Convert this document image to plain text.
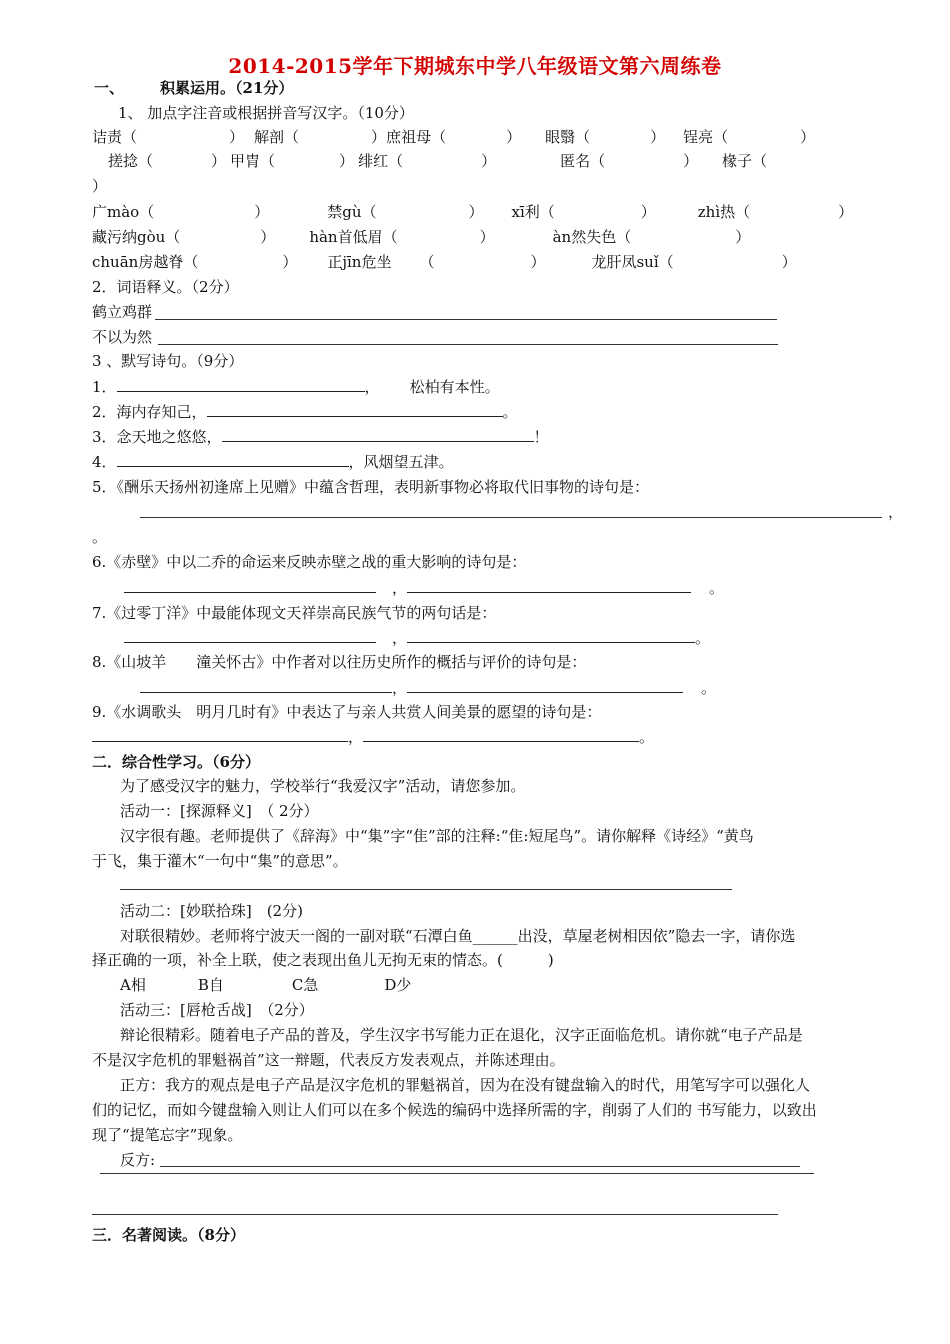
2014-2015学年下期城东中学八年级语文第六周练卷
一、 积累运用。（21分）
1、 加点字注音或根据拼音写汉字。（10分）
诘责（	） 解剖（	）庶祖母（	） 眼翳（	） 锃亮（	）
搓捻（	） 甲胄（	） 绯红（	）	匿名（	） 椽子（
）
广mào（	）	禁gù（	） xī利（	）	zhì热（	）
藏污纳gòu（	） hàn首低眉（	）	àn然失色（	）
chuān房越脊（	） 正jīn危坐 （	）	龙肝凤suǐ（	）
2．词语释义。（2分）
鹤立鸡群
不以为然
3 、默写诗句。（9分）
1．	， 松柏有本性。
2．海内存知己，	。
3．念天地之悠悠，	！
4．	，风烟望五津。
5．《酬乐天扬州初逢席上见赠》中蕴含哲理，表明新事物必将取代旧事物的诗句是：
，
。
6.《赤壁》中以二乔的命运来反映赤壁之战的重大影响的诗句是：
，	。
7.《过零丁洋》中最能体现文天祥崇高民族气节的两句话是：
，	。
8.《山坡羊　　潼关怀古》中作者对以往历史所作的概括与评价的诗句是：
，	。
9.《水调歌头　明月几时有》中表达了与亲人共赏人间美景的愿望的诗句是：
，	。
二．综合性学习。（6分）
为了感受汉字的魅力，学校举行“我爱汉字”活动，请您参加。
活动一：[探源释义]　（ 2分）
汉字很有趣。老师提供了《辞海》中“集”字“隹”部的注释:“隹:短尾鸟”。请你解释《诗经》“黄鸟
于飞，集于灌木“一句中“集”的意思”。
活动二：[妙联拾珠]　(2分)
对联很精妙。老师将宁波天一阁的一副对联“石潭白鱼______出没，草屋老树相因依”隐去一字，请你选
择正确的一项，补全上联，使之表现出鱼儿无拘无束的情态。(　　　)
A相	B自	C急	D少
活动三：[唇枪舌战]　（2分）
辩论很精彩。随着电子产品的普及，学生汉字书写能力正在退化，汉字正面临危机。请你就“电子产品是
不是汉字危机的罪魁祸首”这一辩题，代表反方发表观点，并陈述理由。
正方：我方的观点是电子产品是汉字危机的罪魁祸首，因为在没有键盘输入的时代，用笔写字可以强化人
们的记忆，而如今键盘输入则让人们可以在多个候选的编码中选择所需的字，削弱了人们的 书写能力，以致出
现了“提笔忘字”现象。
反方:
三．名著阅读。（8分）
